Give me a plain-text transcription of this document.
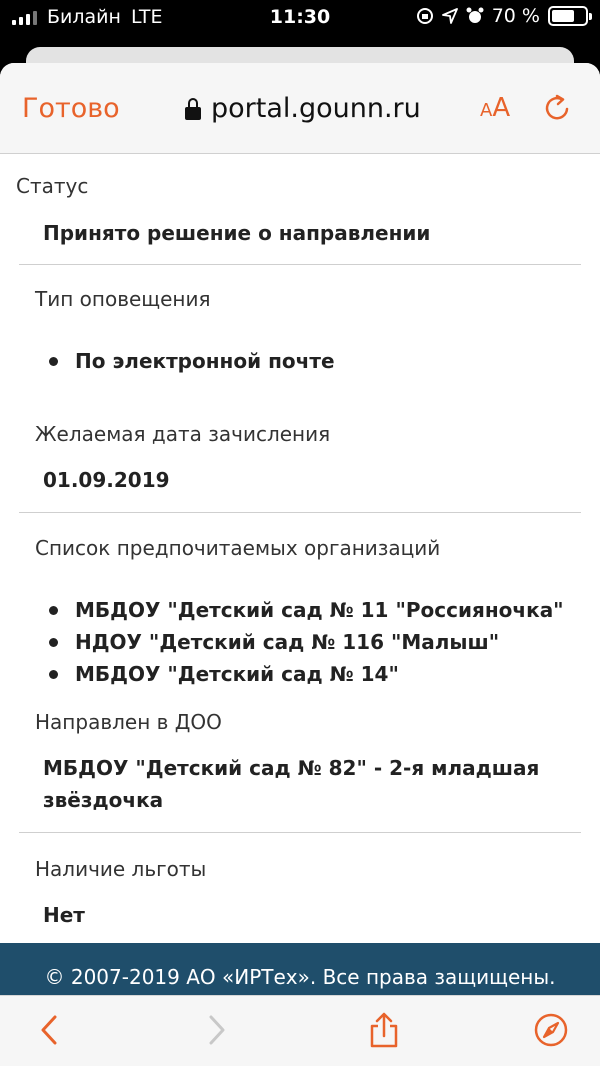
Билайн LTE	11:30	70 %
Готово	portal.gounn.ru	A A
Статус
Принято решение о направлении
Тип оповещения
По электронной почте
Желаемая дата зачисления
01.09.2019
Список предпочитаемых организаций
МБДОУ "Детский сад № 11 "Россияночка"
НДОУ "Детский сад № 116 "Малыш"
МБДОУ "Детский сад № 14"
Направлен в ДОО
МБДОУ "Детский сад № 82" - 2-я младшая
звёздочка
Наличие льготы
Нет
© 2007-2019 АО «ИРТех». Все права защищены.
